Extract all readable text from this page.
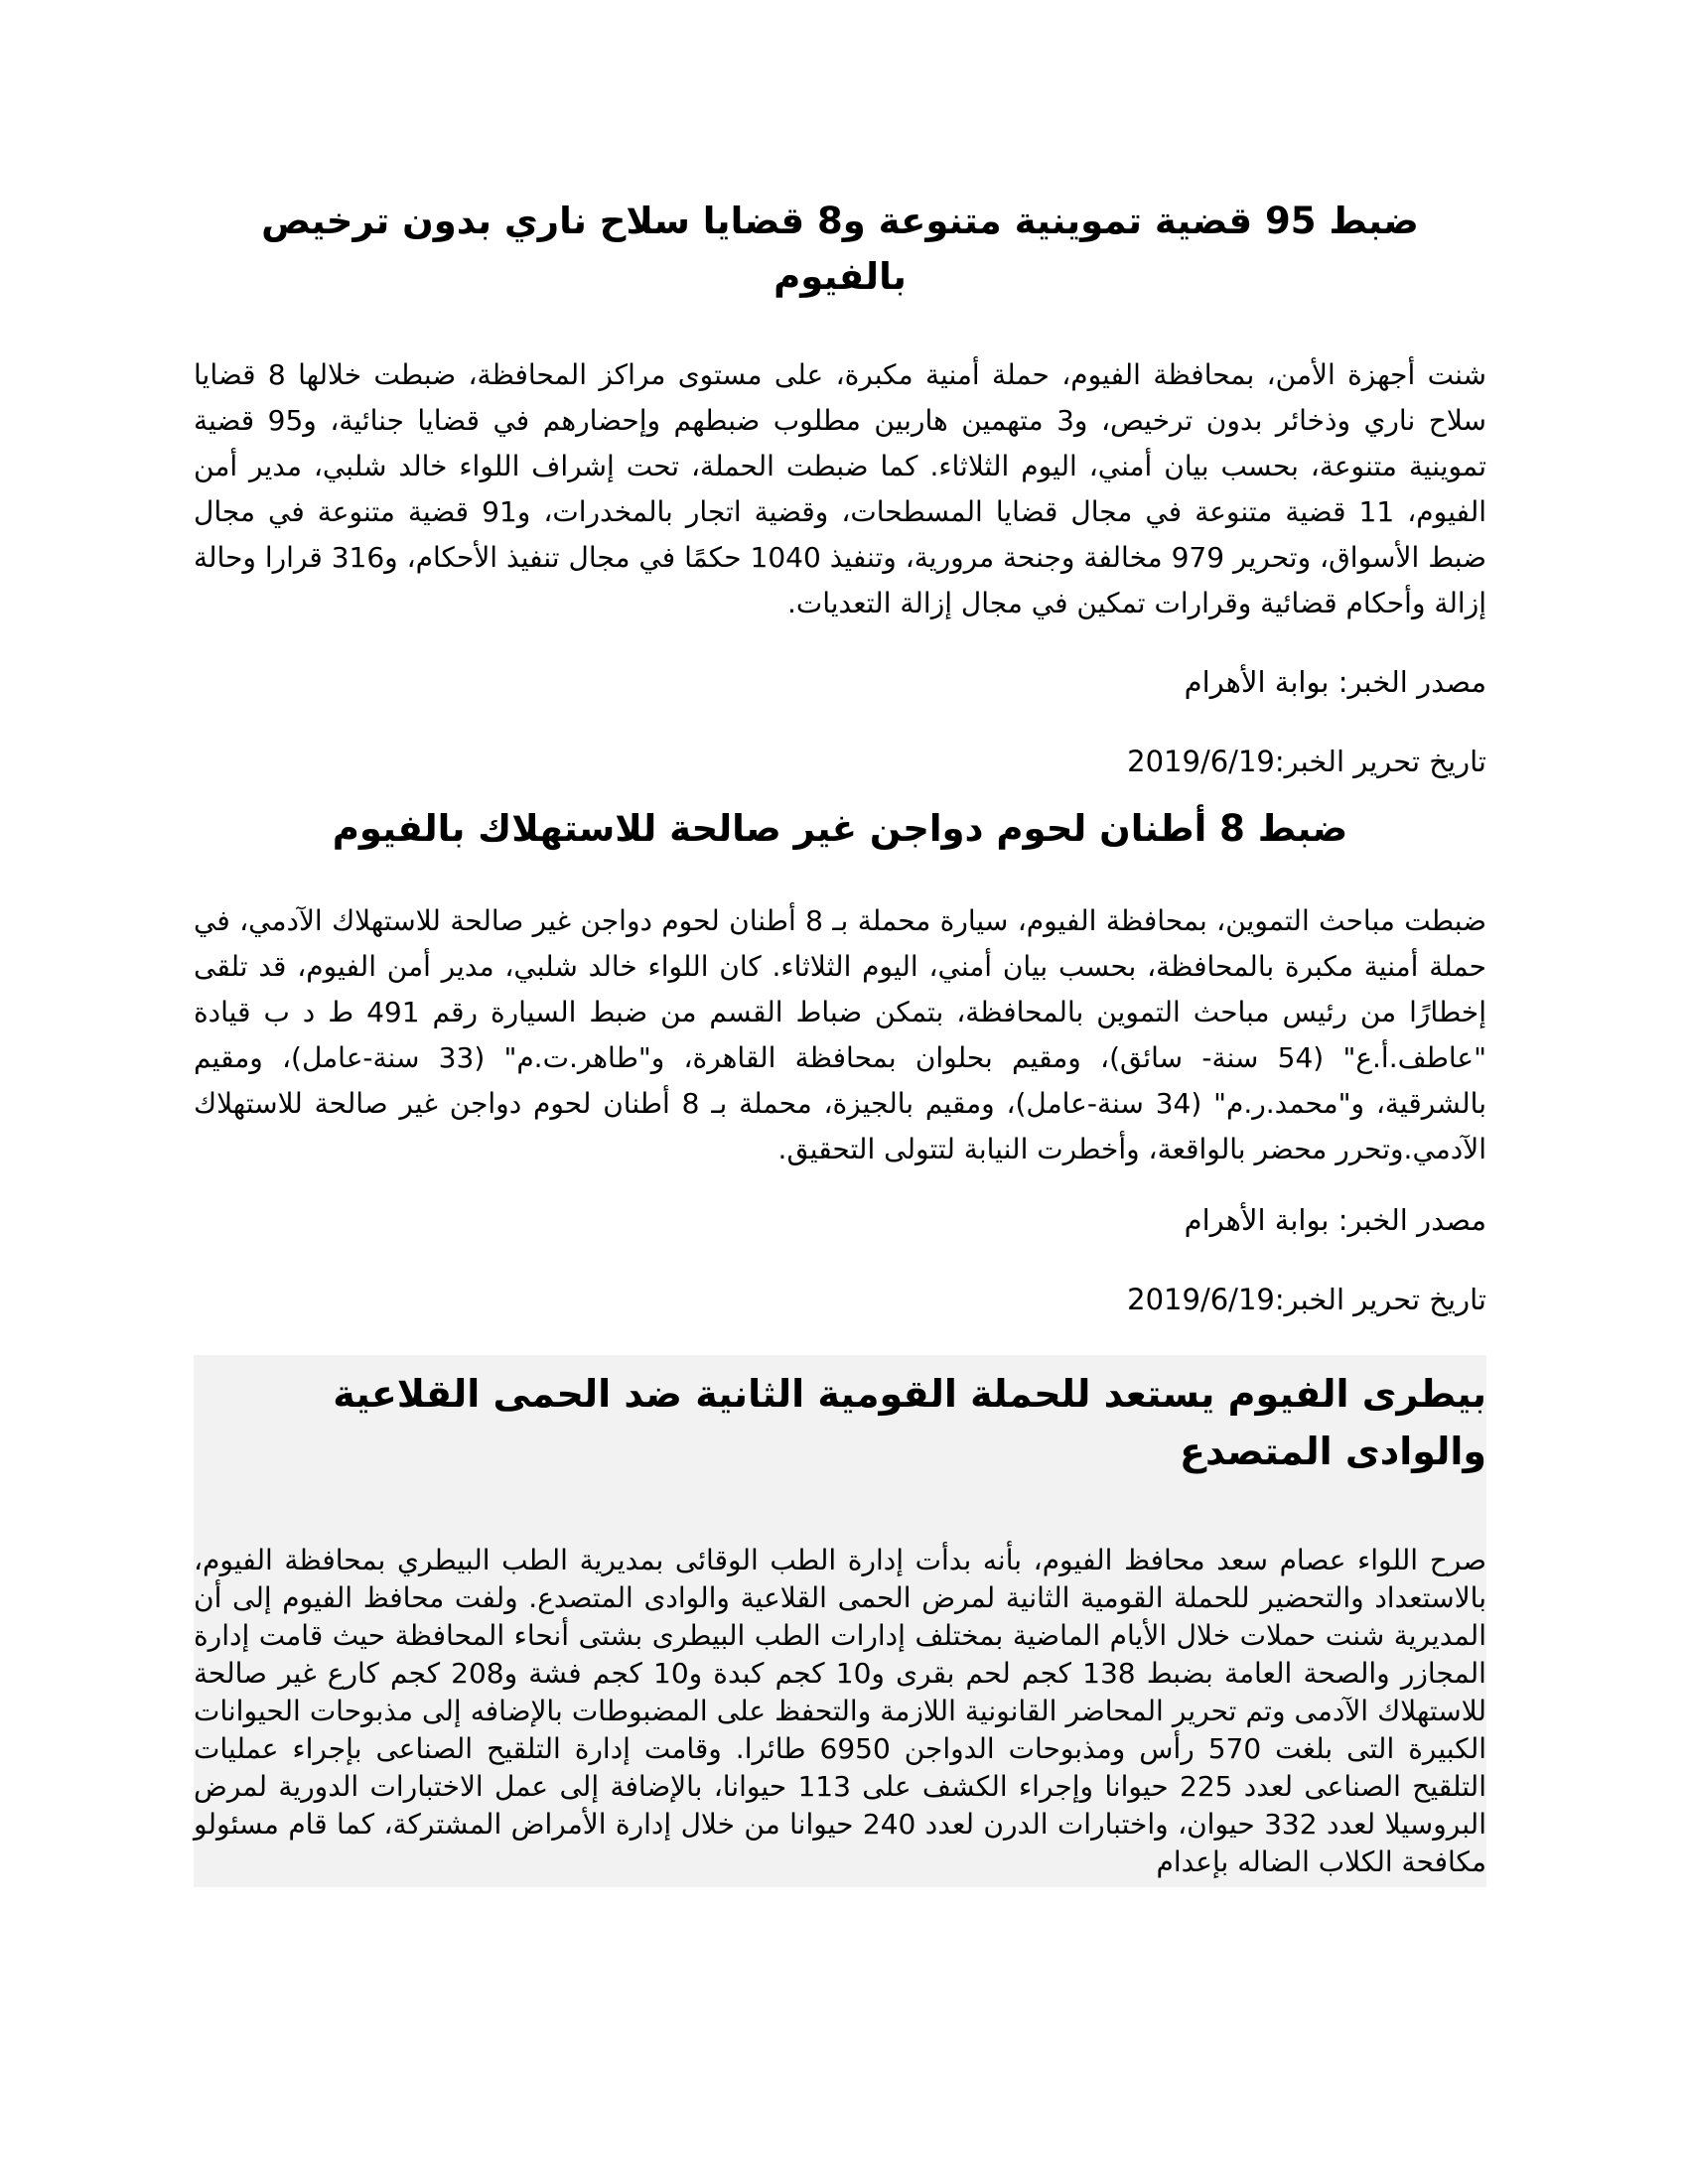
ضبط 95 قضية تموينية متنوعة و8 قضايا سلاح ناري بدون ترخيص بالفيوم

شنت أجهزة الأمن، بمحافظة الفيوم، حملة أمنية مكبرة، على مستوى مراكز المحافظة، ضبطت خلالها 8 قضايا سلاح ناري وذخائر بدون ترخيص، و3 متهمين هاربين مطلوب ضبطهم وإحضارهم في قضايا جنائية، و95 قضية تموينية متنوعة، بحسب بيان أمني، اليوم الثلاثاء. كما ضبطت الحملة، تحت إشراف اللواء خالد شلبي، مدير أمن الفيوم، 11 قضية متنوعة في مجال قضايا المسطحات، وقضية اتجار بالمخدرات، و91 قضية متنوعة في مجال ضبط الأسواق، وتحرير 979 مخالفة وجنحة مرورية، وتنفيذ 1040 حكمًا في مجال تنفيذ الأحكام، و316 قرارا وحالة إزالة وأحكام قضائية وقرارات تمكين في مجال إزالة التعديات.

مصدر الخبر: بوابة الأهرام

تاريخ تحرير الخبر:2019/6/19

ضبط 8 أطنان لحوم دواجن غير صالحة للاستهلاك بالفيوم

ضبطت مباحث التموين، بمحافظة الفيوم، سيارة محملة بـ 8 أطنان لحوم دواجن غير صالحة للاستهلاك الآدمي، في حملة أمنية مكبرة بالمحافظة، بحسب بيان أمني، اليوم الثلاثاء. كان اللواء خالد شلبي، مدير أمن الفيوم، قد تلقى إخطارًا من رئيس مباحث التموين بالمحافظة، بتمكن ضباط القسم من ضبط السيارة رقم 491 ط د ب قيادة "عاطف.أ.ع" (54 سنة- سائق)، ومقيم بحلوان بمحافظة القاهرة، و"طاهر.ت.م" (33 سنة-عامل)، ومقيم بالشرقية، و"محمد.ر.م" (34 سنة-عامل)، ومقيم بالجيزة، محملة بـ 8 أطنان لحوم دواجن غير صالحة للاستهلاك الآدمي.وتحرر محضر بالواقعة، وأخطرت النيابة لتتولى التحقيق.

مصدر الخبر: بوابة الأهرام

تاريخ تحرير الخبر:2019/6/19

بيطرى الفيوم يستعد للحملة القومية الثانية ضد الحمى القلاعية والوادى المتصدع

صرح اللواء عصام سعد محافظ الفيوم، بأنه بدأت إدارة الطب الوقائى بمديرية الطب البيطري بمحافظة الفيوم، بالاستعداد والتحضير للحملة القومية الثانية لمرض الحمى القلاعية والوادى المتصدع. ولفت محافظ الفيوم إلى أن المديرية شنت حملات خلال الأيام الماضية بمختلف إدارات الطب البيطرى بشتى أنحاء المحافظة حيث قامت إدارة المجازر والصحة العامة بضبط 138 كجم لحم بقرى و10 كجم كبدة و10 كجم فشة و208 كجم كارع غير صالحة للاستهلاك الآدمى وتم تحرير المحاضر القانونية اللازمة والتحفظ على المضبوطات بالإضافه إلى مذبوحات الحيوانات الكبيرة التى بلغت 570 رأس ومذبوحات الدواجن 6950 طائرا. وقامت إدارة التلقيح الصناعى بإجراء عمليات التلقيح الصناعى لعدد 225 حيوانا وإجراء الكشف على 113 حيوانا، بالإضافة إلى عمل الاختبارات الدورية لمرض البروسيلا لعدد 332 حيوان، واختبارات الدرن لعدد 240 حيوانا من خلال إدارة الأمراض المشتركة، كما قام مسئولو مكافحة الكلاب الضاله بإعدام
